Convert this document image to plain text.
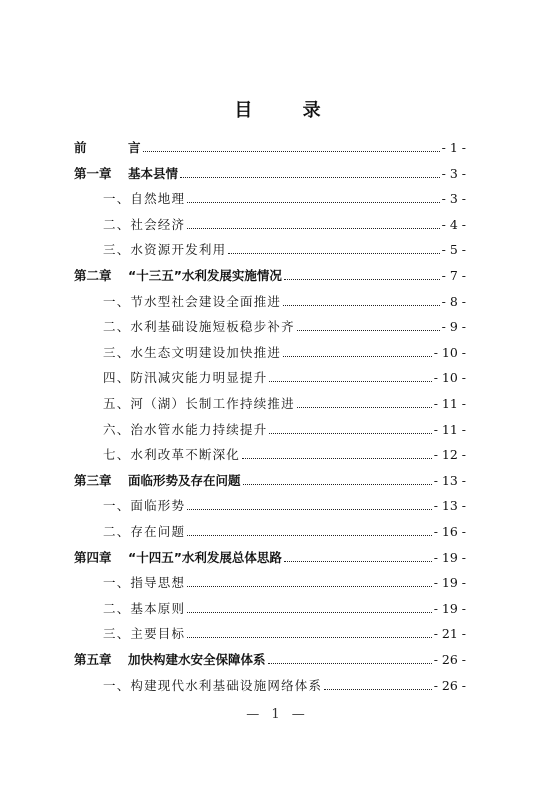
目 录
前	言	- 1 -
第一章 基本县情	- 3 -
一、自然地理	- 3 -
二、社会经济	- 4 -
三、水资源开发利用	- 5 -
第二章 “十三五”水利发展实施情况	- 7 -
一、节水型社会建设全面推进	- 8 -
二、水利基础设施短板稳步补齐	- 9 -
三、水生态文明建设加快推进	- 10 -
四、防汛减灾能力明显提升	- 10 -
五、河（湖）长制工作持续推进	- 11 -
六、治水管水能力持续提升	- 11 -
七、水利改革不断深化	- 12 -
第三章 面临形势及存在问题	- 13 -
一、面临形势	- 13 -
二、存在问题	- 16 -
第四章 “十四五”水利发展总体思路	- 19 -
一、指导思想	- 19 -
二、基本原则	- 19 -
三、主要目标	- 21 -
第五章 加快构建水安全保障体系	- 26 -
一、构建现代水利基础设施网络体系	- 26 -
— 1 —
